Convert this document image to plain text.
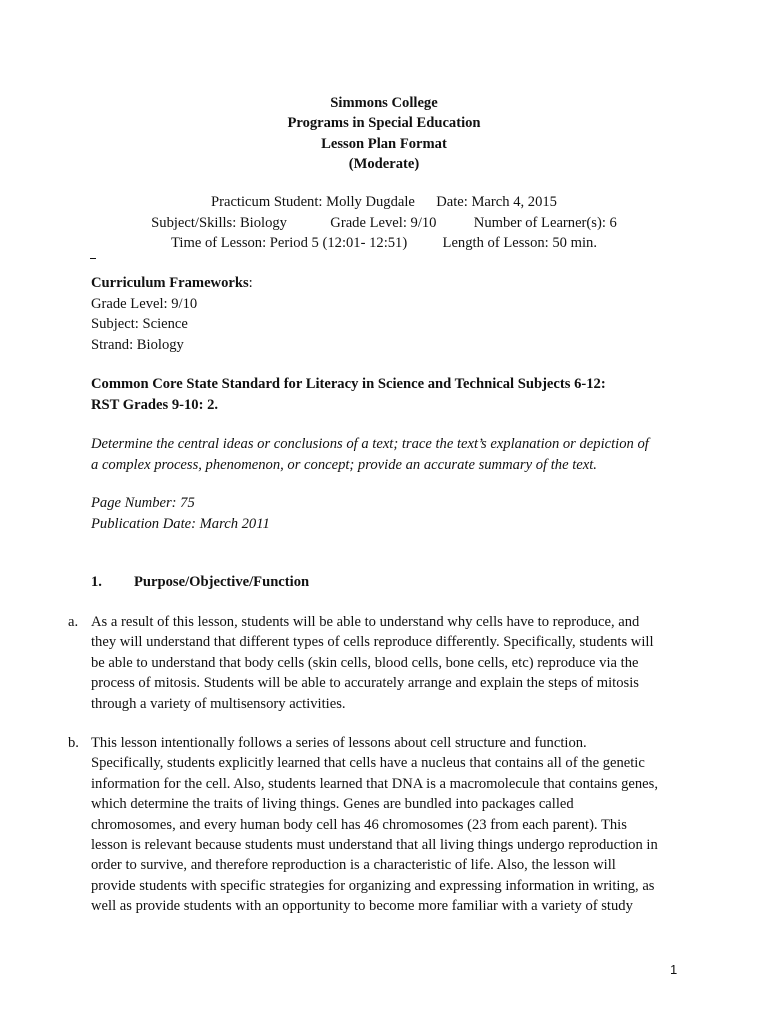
Simmons College
Programs in Special Education
Lesson Plan Format
(Moderate)
Practicum Student: Molly Dugdale Date: March 4, 2015
Subject/Skills: Biology	Grade Level: 9/10	Number of Learner(s): 6
Time of Lesson: Period 5 (12:01- 12:51) Length of Lesson: 50 min.
Curriculum Frameworks:
Grade Level: 9/10
Subject: Science
Strand: Biology
Common Core State Standard for Literacy in Science and Technical Subjects 6-12:
RST Grades 9-10: 2.
Determine the central ideas or conclusions of a text; trace the text’s explanation or depiction of
a complex process, phenomenon, or concept; provide an accurate summary of the text.
Page Number: 75
Publication Date: March 2011
1. Purpose/Objective/Function
a. As a result of this lesson, students will be able to understand why cells have to reproduce, and
they will understand that different types of cells reproduce differently. Specifically, students will
be able to understand that body cells (skin cells, blood cells, bone cells, etc) reproduce via the
process of mitosis. Students will be able to accurately arrange and explain the steps of mitosis
through a variety of multisensory activities.
b. This lesson intentionally follows a series of lessons about cell structure and function.
Specifically, students explicitly learned that cells have a nucleus that contains all of the genetic
information for the cell. Also, students learned that DNA is a macromolecule that contains genes,
which determine the traits of living things. Genes are bundled into packages called
chromosomes, and every human body cell has 46 chromosomes (23 from each parent). This
lesson is relevant because students must understand that all living things undergo reproduction in
order to survive, and therefore reproduction is a characteristic of life. Also, the lesson will
provide students with specific strategies for organizing and expressing information in writing, as
well as provide students with an opportunity to become more familiar with a variety of study
1
